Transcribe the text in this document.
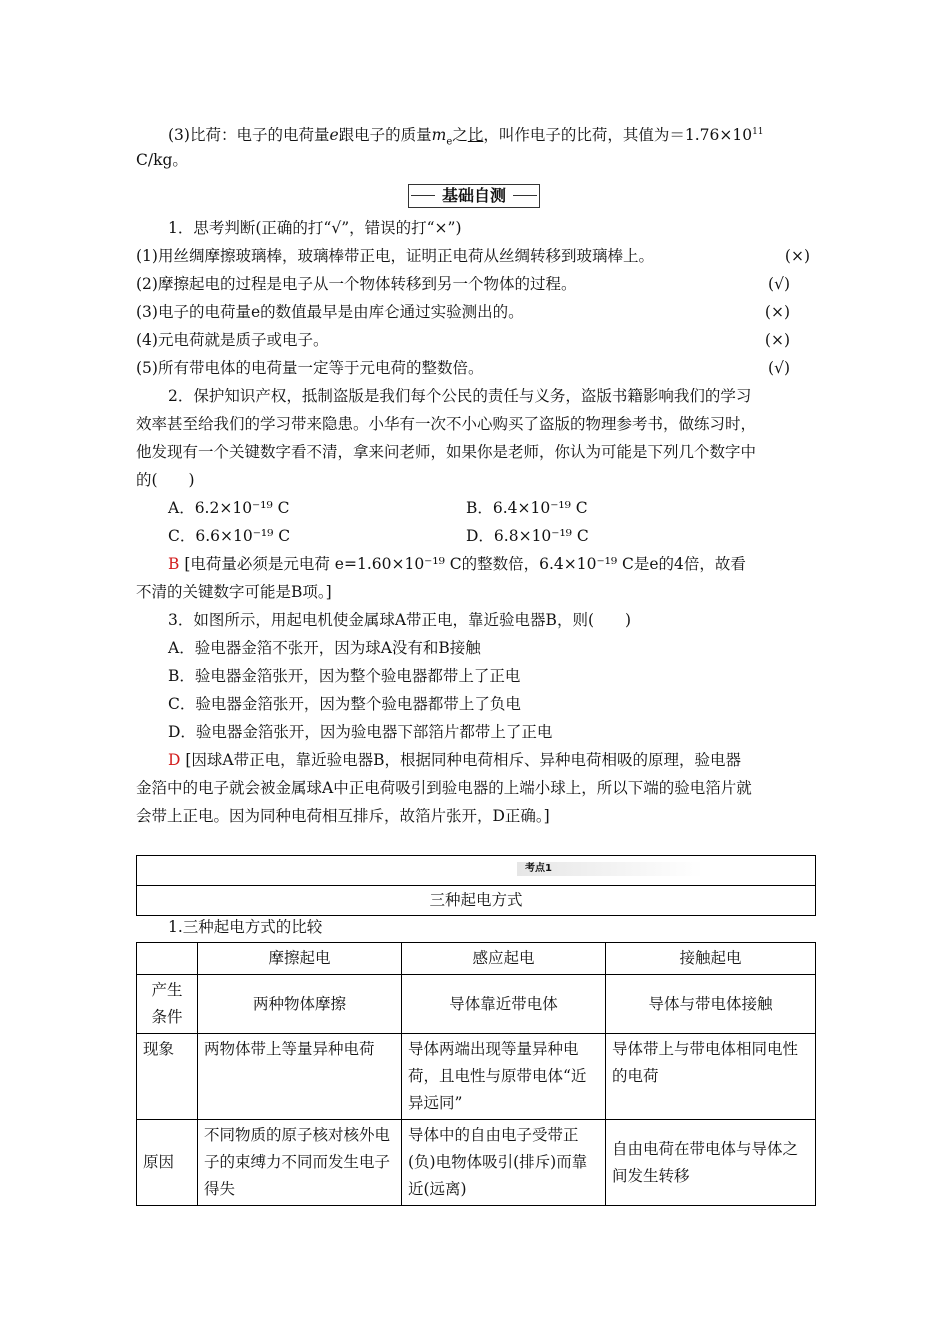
(3)比荷：电子的电荷量e跟电子的质量$m_e$之比，叫作电子的比荷，其值为$=1.76\times 10^{11}$
C/kg。
基础自测
1．思考判断(正确的打“√”，错误的打“×”)
(1)用丝绸摩擦玻璃棒，玻璃棒带正电，证明正电荷从丝绸转移到玻璃棒上。	(×)
(2)摩擦起电的过程是电子从一个物体转移到另一个物体的过程。	(√)
(3)电子的电荷量e的数值最早是由库仑通过实验测出的。	(×)
(4)元电荷就是质子或电子。	(×)
(5)所有带电体的电荷量一定等于元电荷的整数倍。	(√)
2．保护知识产权，抵制盗版是我们每个公民的责任与义务，盗版书籍影响我们的学习
效率甚至给我们的学习带来隐患。小华有一次不小心购买了盗版的物理参考书，做练习时，
他发现有一个关键数字看不清，拿来问老师，如果你是老师，你认为可能是下列几个数字中
的(　　)
A．6.2×10⁻¹⁹ C	B．6.4×10⁻¹⁹ C
C．6.6×10⁻¹⁹ C	D．6.8×10⁻¹⁹ C
B [电荷量必须是元电荷 e=1.60×10⁻¹⁹ C的整数倍，6.4×10⁻¹⁹ C是e的4倍，故看
不清的关键数字可能是B项。]
3．如图所示，用起电机使金属球A带正电，靠近验电器B，则(　　)
A．验电器金箔不张开，因为球A没有和B接触
B．验电器金箔张开，因为整个验电器都带上了正电
C．验电器金箔张开，因为整个验电器都带上了负电
D．验电器金箔张开，因为验电器下部箔片都带上了正电
D [因球A带正电，靠近验电器B，根据同种电荷相斥、异种电荷相吸的原理，验电器
金箔中的电子就会被金属球A中正电荷吸引到验电器的上端小球上，所以下端的验电箔片就
会带上正电。因为同种电荷相互排斥，故箔片张开，D正确。]
考点1
三种起电方式
1.三种起电方式的比较
	摩擦起电	感应起电	接触起电
产生
条件	两种物体摩擦	导体靠近带电体	导体与带电体接触
现象	两物体带上等量异种电荷	导体两端出现等量异种电荷，且电性与原带电体“近异远同”	导体带上与带电体相同电性的电荷
原因	不同物质的原子核对核外电子的束缚力不同而发生电子得失	导体中的自由电子受带正(负)电物体吸引(排斥)而靠近(远离)	自由电荷在带电体与导体之间发生转移
